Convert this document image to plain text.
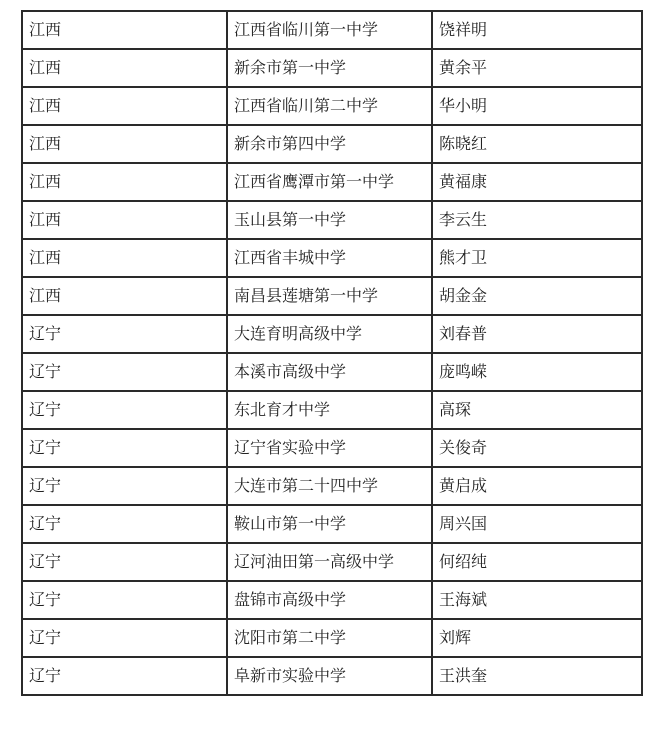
江西	江西省临川第一中学	饶祥明
江西	新余市第一中学	黄余平
江西	江西省临川第二中学	华小明
江西	新余市第四中学	陈晓红
江西	江西省鹰潭市第一中学	黄福康
江西	玉山县第一中学	李云生
江西	江西省丰城中学	熊才卫
江西	南昌县莲塘第一中学	胡金金
辽宁	大连育明高级中学	刘春普
辽宁	本溪市高级中学	庞鸣嵘
辽宁	东北育才中学	高琛
辽宁	辽宁省实验中学	关俊奇
辽宁	大连市第二十四中学	黄启成
辽宁	鞍山市第一中学	周兴国
辽宁	辽河油田第一高级中学	何绍纯
辽宁	盘锦市高级中学	王海斌
辽宁	沈阳市第二中学	刘辉
辽宁	阜新市实验中学	王洪奎
